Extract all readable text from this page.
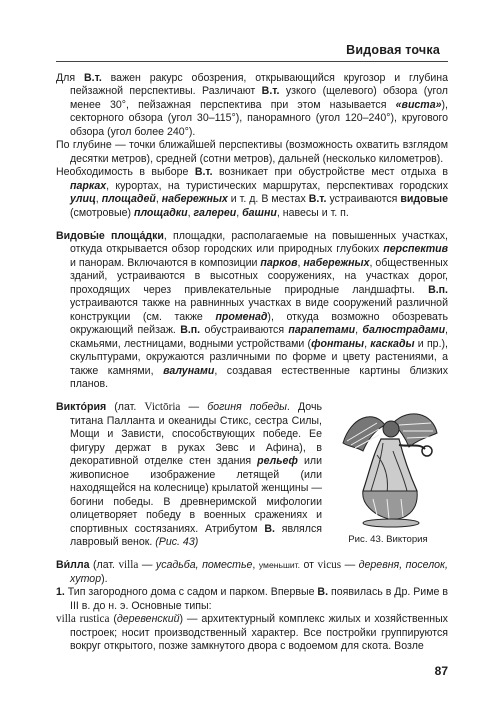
Видовая точка

Для В.т. важен ракурс обозрения, открывающийся кругозор и глубина пейзажной перспективы. Различают В.т. узкого (щелевого) обзора (угол менее 30°, пейзажная перспектива при этом называется «виста»), секторного обзора (угол 30–115°), панорамного (угол 120–240°), кругового обзора (угол более 240°).

По глубине — точки ближайшей перспективы (возможность охватить взглядом десятки метров), средней (сотни метров), дальней (несколько километров).

Необходимость в выборе В.т. возникает при обустройстве мест отдыха в парках, курортах, на туристических маршрутах, перспективах городских улиц, площадей, набережных и т. д. В местах В.т. устраиваются видовые (смотровые) площадки, галереи, башни, навесы и т. п.

Видовы́е площа́дки, площадки, располагаемые на повышенных участках, откуда открывается обзор городских или природных глубоких перспектив и панорам. Включаются в композиции парков, набережных, общественных зданий, устраиваются в высотных сооружениях, на участках дорог, проходящих через привлекательные природные ландшафты. В.п. устраиваются также на равнинных участках в виде сооружений различной конструкции (см. также променад), откуда возможно обозревать окружающий пейзаж. В.п. обустраиваются парапетами, балюстрадами, скамьями, лестницами, водными устройствами (фонтаны, каскады и пр.), скульптурами, окружаются различными по форме и цвету растениями, а также камнями, валунами, создавая естественные картины близких планов.

Рис. 43. Виктория

Викто́рия (лат. Victōria — богиня победы. Дочь титана Палланта и океаниды Стикс, сестра Силы, Мощи и Зависти, способствующих победе. Ее фигуру держат в руках Зевс и Афина), в декоративной отделке стен здания рельеф или живописное изображение летящей (или находящейся на колеснице) крылатой женщины — богини победы. В древнеримской мифологии олицетворяет победу в военных сражениях и спортивных состязаниях. Атрибутом В. являлся лавровый венок. (Рис. 43)

Ви́лла (лат. villa — усадьба, поместье, уменьшит. от vicus — деревня, поселок, хутор).

1. Тип загородного дома с садом и парком. Впервые В. появилась в Др. Риме в III в. до н. э. Основные типы:

villa rustica (деревенский) — архитектурный комплекс жилых и хозяйственных построек; носит производственный характер. Все постройки группируются вокруг открытого, позже замкнутого двора с водоемом для скота. Возле

87
